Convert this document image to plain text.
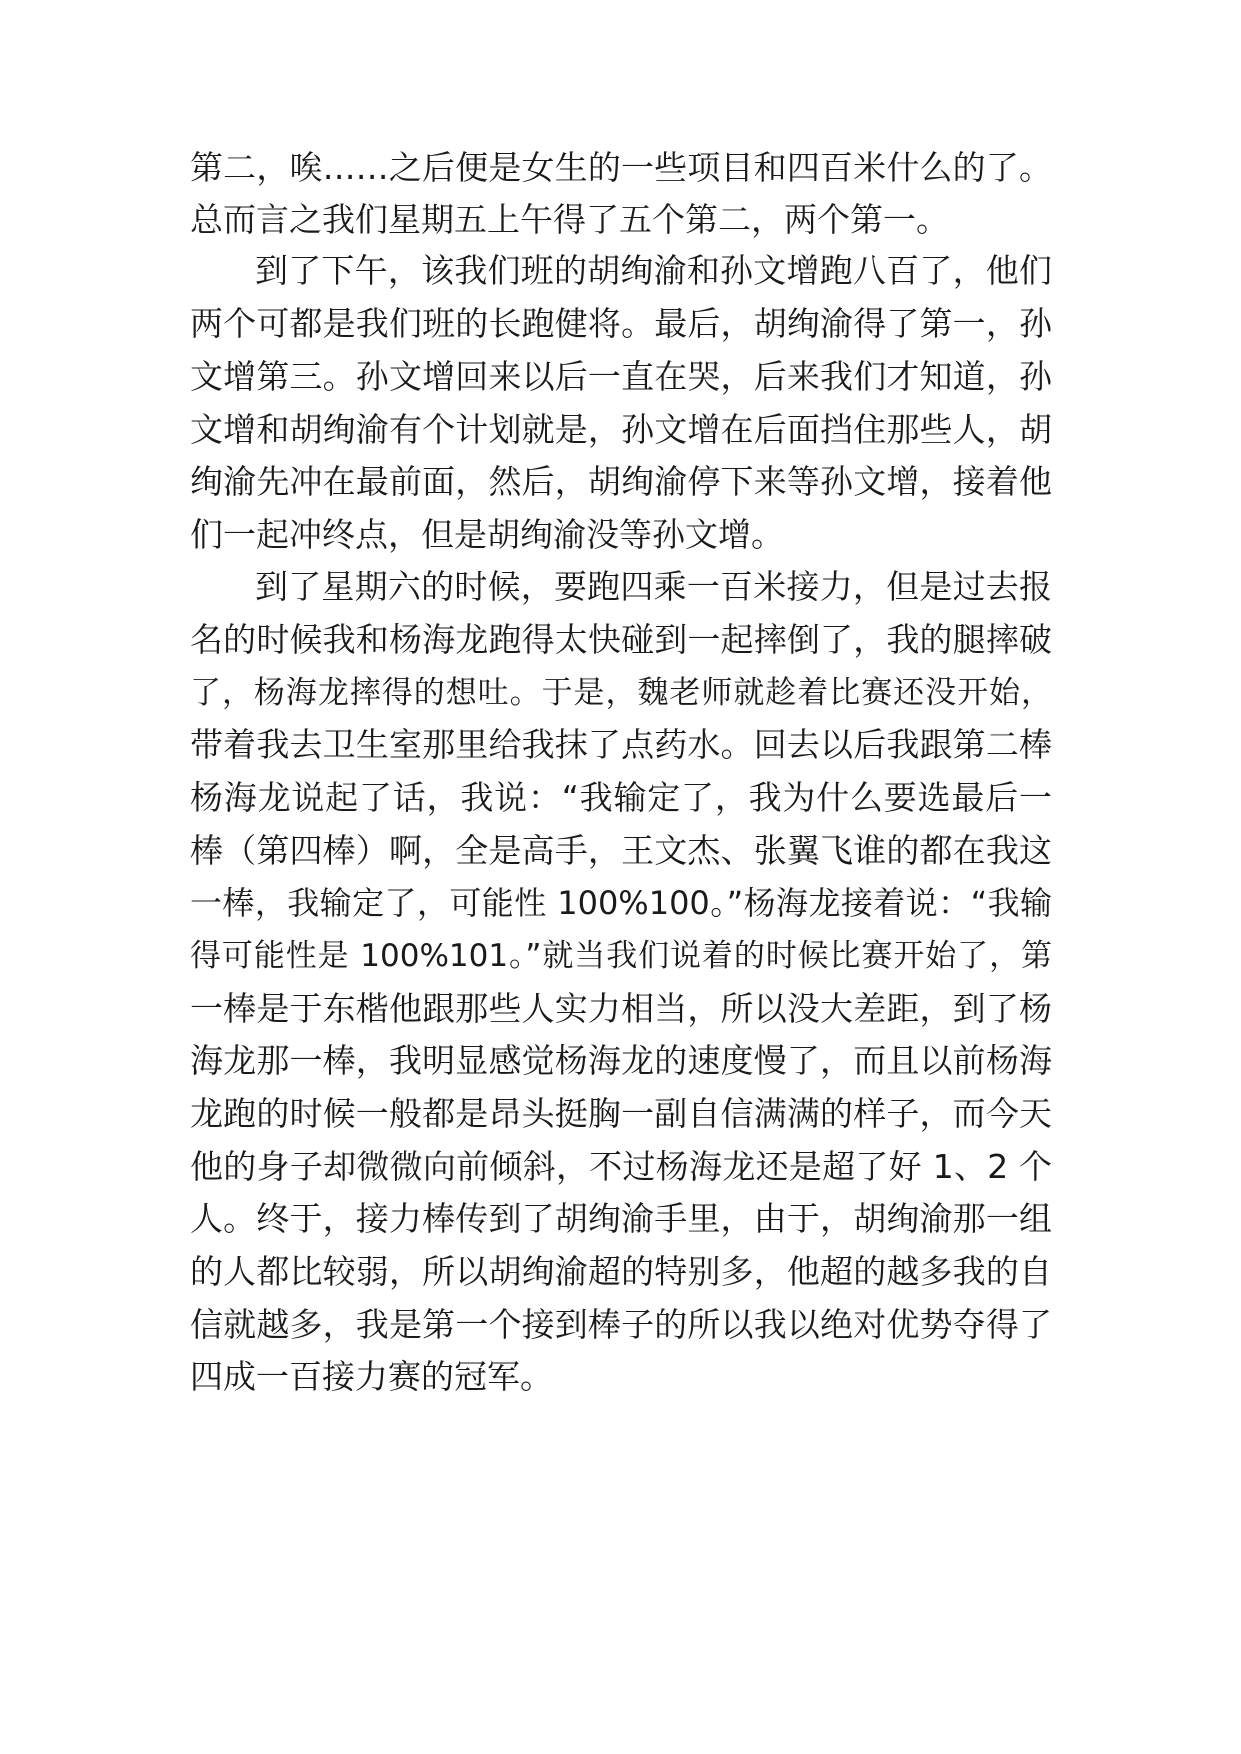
第二，唉……之后便是女生的一些项目和四百米什么的了。
总而言之我们星期五上午得了五个第二，两个第一。
到了下午，该我们班的胡绚渝和孙文增跑八百了，他们
两个可都是我们班的长跑健将。最后，胡绚渝得了第一，孙
文增第三。孙文增回来以后一直在哭，后来我们才知道，孙
文增和胡绚渝有个计划就是，孙文增在后面挡住那些人，胡
绚渝先冲在最前面，然后，胡绚渝停下来等孙文增，接着他
们一起冲终点，但是胡绚渝没等孙文增。
到了星期六的时候，要跑四乘一百米接力，但是过去报
名的时候我和杨海龙跑得太快碰到一起摔倒了，我的腿摔破
了，杨海龙摔得的想吐。于是，魏老师就趁着比赛还没开始，
带着我去卫生室那里给我抹了点药水。回去以后我跟第二棒
杨海龙说起了话，我说：“我输定了，我为什么要选最后一
棒（第四棒）啊，全是高手，王文杰、张翼飞谁的都在我这
一棒，我输定了，可能性 100%100。”杨海龙接着说：“我输
得可能性是 100%101。”就当我们说着的时候比赛开始了，第
一棒是于东楷他跟那些人实力相当，所以没大差距，到了杨
海龙那一棒，我明显感觉杨海龙的速度慢了，而且以前杨海
龙跑的时候一般都是昂头挺胸一副自信满满的样子，而今天
他的身子却微微向前倾斜，不过杨海龙还是超了好 1、2 个
人。终于，接力棒传到了胡绚渝手里，由于，胡绚渝那一组
的人都比较弱，所以胡绚渝超的特别多，他超的越多我的自
信就越多，我是第一个接到棒子的所以我以绝对优势夺得了
四成一百接力赛的冠军。
